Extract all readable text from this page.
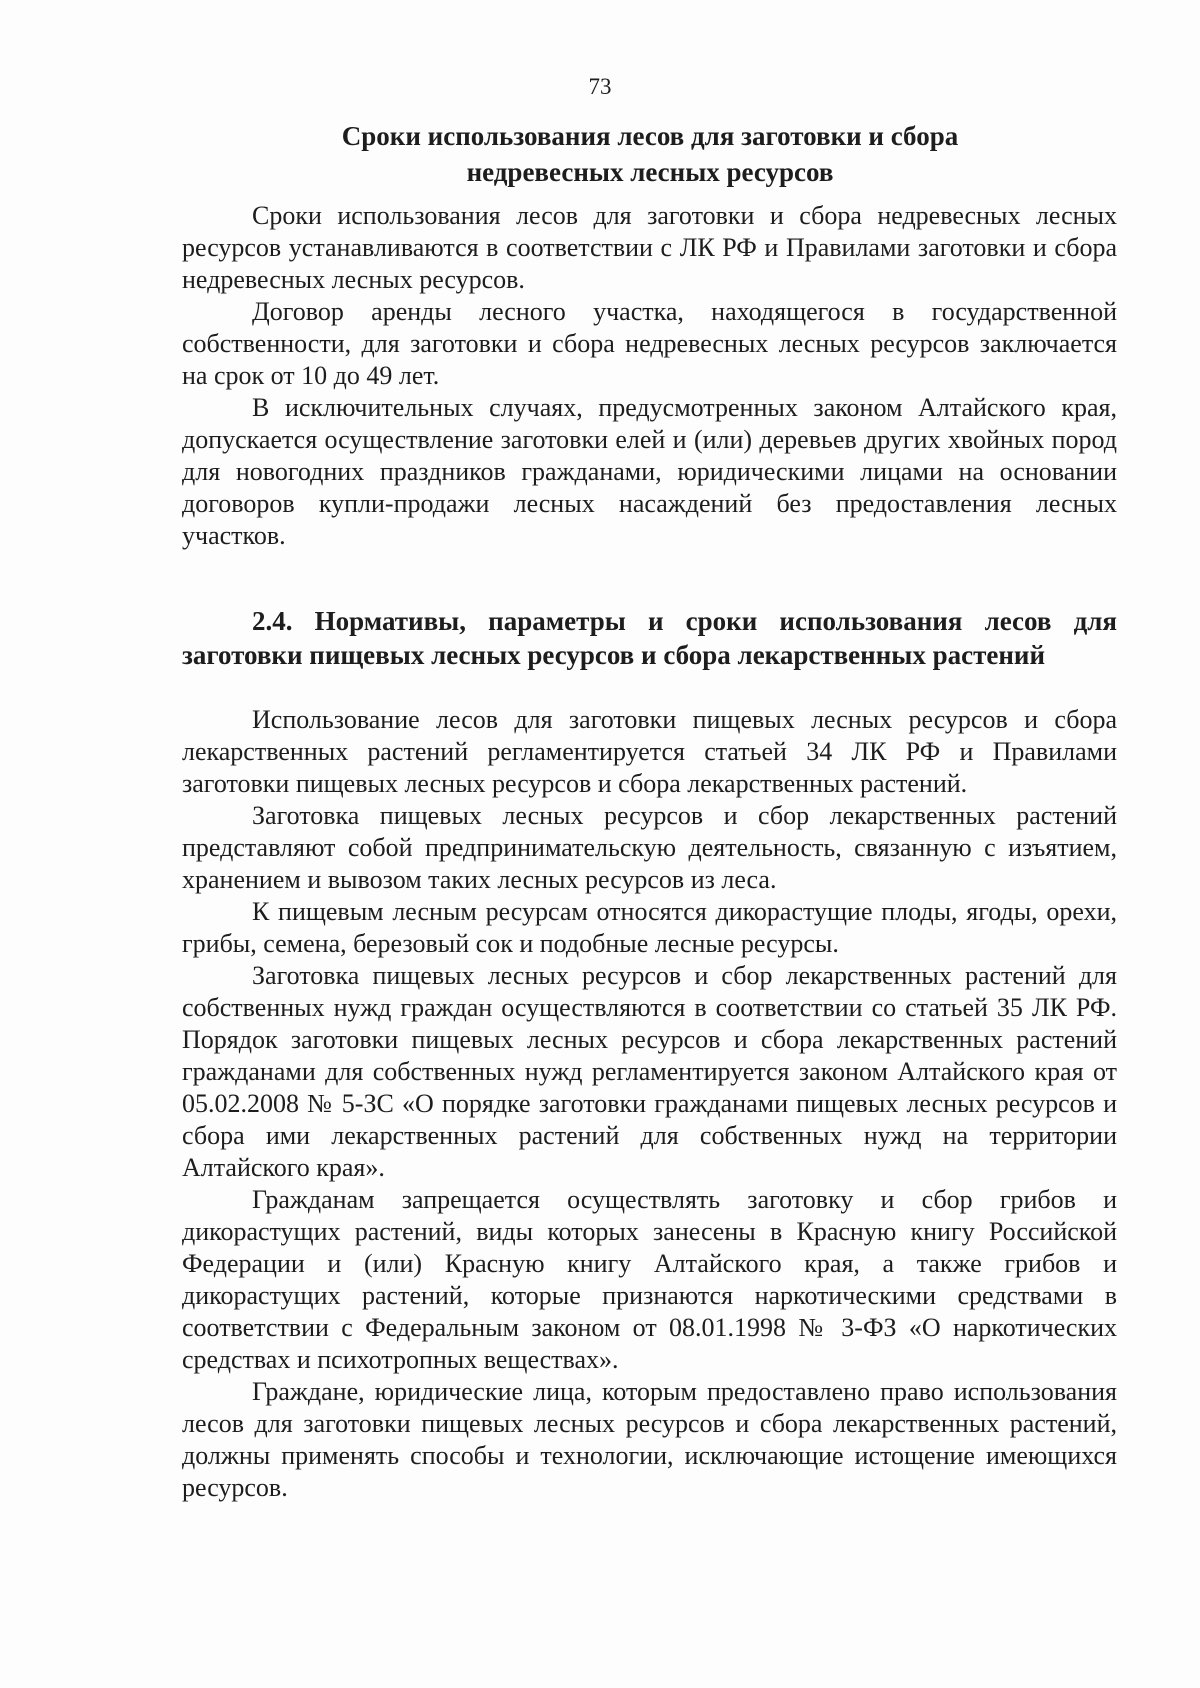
73
Сроки использования лесов для заготовки и сбора
недревесных лесных ресурсов

Сроки использования лесов для заготовки и сбора недревесных лесных ресурсов устанавливаются в соответствии с ЛК РФ и Правилами заготовки и сбора недревесных лесных ресурсов.

Договор аренды лесного участка, находящегося в государственной собственности, для заготовки и сбора недревесных лесных ресурсов заключается на срок от 10 до 49 лет.

В исключительных случаях, предусмотренных законом Алтайского края, допускается осуществление заготовки елей и (или) деревьев других хвойных пород для новогодних праздников гражданами, юридическими лицами на основании договоров купли-продажи лесных насаждений без предоставления лесных участков.

2.4. Нормативы, параметры и сроки использования лесов для заготовки пищевых лесных ресурсов и сбора лекарственных растений

Использование лесов для заготовки пищевых лесных ресурсов и сбора лекарственных растений регламентируется статьей 34 ЛК РФ и Правилами заготовки пищевых лесных ресурсов и сбора лекарственных растений.

Заготовка пищевых лесных ресурсов и сбор лекарственных растений представляют собой предпринимательскую деятельность, связанную с изъятием, хранением и вывозом таких лесных ресурсов из леса.

К пищевым лесным ресурсам относятся дикорастущие плоды, ягоды, орехи, грибы, семена, березовый сок и подобные лесные ресурсы.

Заготовка пищевых лесных ресурсов и сбор лекарственных растений для собственных нужд граждан осуществляются в соответствии со статьей 35 ЛК РФ. Порядок заготовки пищевых лесных ресурсов и сбора лекарственных растений гражданами для собственных нужд регламентируется законом Алтайского края от 05.02.2008 № 5-ЗС «О порядке заготовки гражданами пищевых лесных ресурсов и сбора ими лекарственных растений для собственных нужд на территории Алтайского края».

Гражданам запрещается осуществлять заготовку и сбор грибов и дикорастущих растений, виды которых занесены в Красную книгу Российской Федерации и (или) Красную книгу Алтайского края, а также грибов и дикорастущих растений, которые признаются наркотическими средствами в соответствии с Федеральным законом от 08.01.1998 № 3-ФЗ «О наркотических средствах и психотропных веществах».

Граждане, юридические лица, которым предоставлено право использования лесов для заготовки пищевых лесных ресурсов и сбора лекарственных растений, должны применять способы и технологии, исключающие истощение имеющихся ресурсов.
